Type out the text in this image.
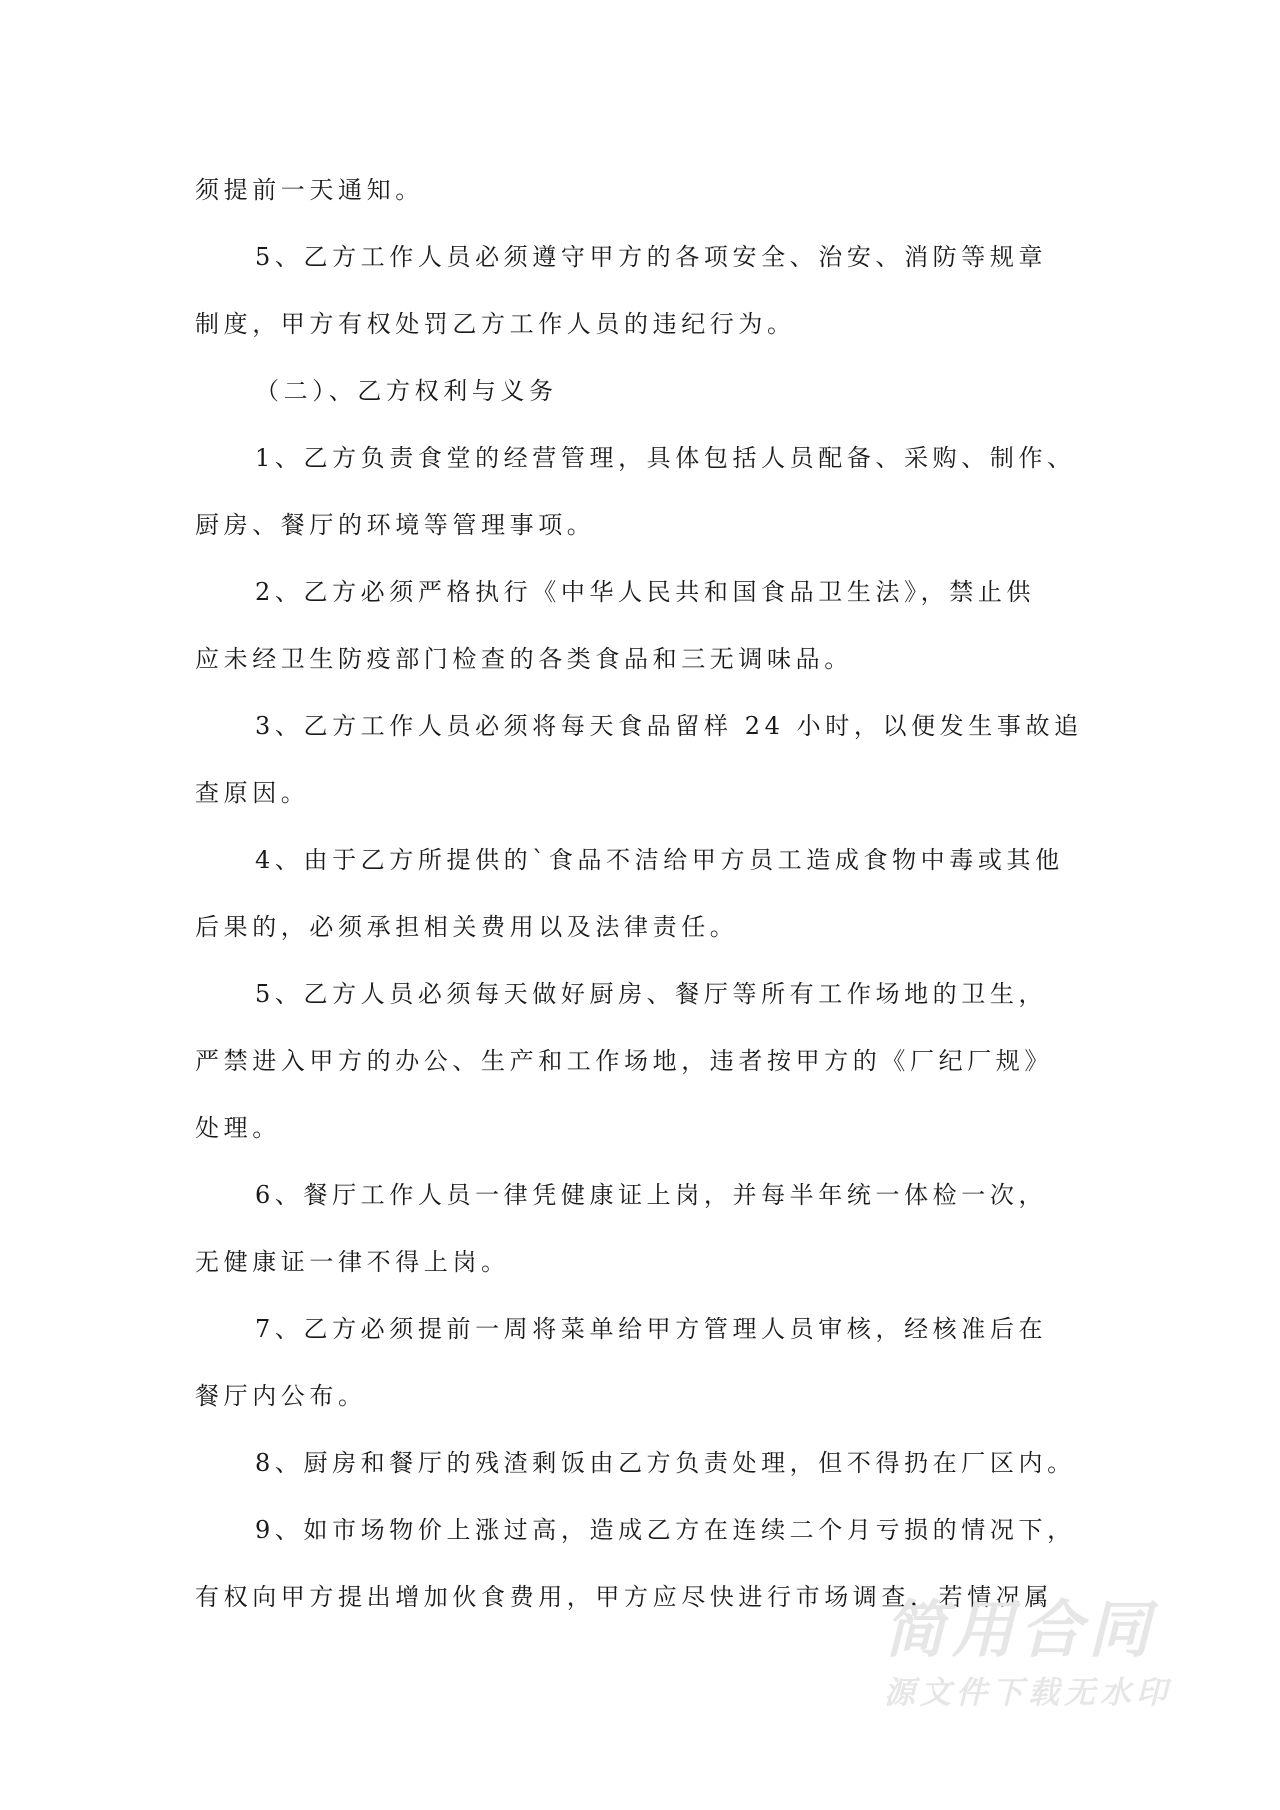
须提前一天通知。
5、乙方工作人员必须遵守甲方的各项安全、治安、消防等规章
制度，甲方有权处罚乙方工作人员的违纪行为。
（二）、乙方权利与义务
1、乙方负责食堂的经营管理，具体包括人员配备、采购、制作、
厨房、餐厅的环境等管理事项。
2、乙方必须严格执行《中华人民共和国食品卫生法》，禁止供
应未经卫生防疫部门检查的各类食品和三无调味品。
3、乙方工作人员必须将每天食品留样 24 小时，以便发生事故追
查原因。
4、由于乙方所提供的`食品不洁给甲方员工造成食物中毒或其他
后果的，必须承担相关费用以及法律责任。
5、乙方人员必须每天做好厨房、餐厅等所有工作场地的卫生，
严禁进入甲方的办公、生产和工作场地，违者按甲方的《厂纪厂规》
处理。
6、餐厅工作人员一律凭健康证上岗，并每半年统一体检一次，
无健康证一律不得上岗。
7、乙方必须提前一周将菜单给甲方管理人员审核，经核准后在
餐厅内公布。
8、厨房和餐厅的残渣剩饭由乙方负责处理，但不得扔在厂区内。
9、如市场物价上涨过高，造成乙方在连续二个月亏损的情况下，
有权向甲方提出增加伙食费用，甲方应尽快进行市场调查，若情况属
简用合同
源文件下载无水印
